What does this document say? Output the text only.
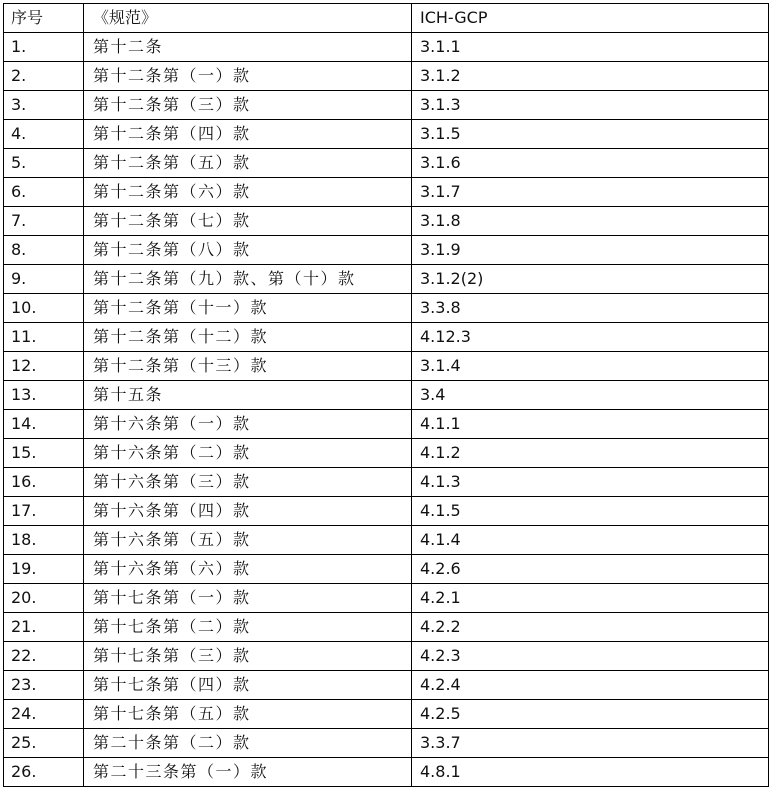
序号	《规范》	ICH-GCP
1.	第十二条	3.1.1
2.	第十二条第（一）款	3.1.2
3.	第十二条第（三）款	3.1.3
4.	第十二条第（四）款	3.1.5
5.	第十二条第（五）款	3.1.6
6.	第十二条第（六）款	3.1.7
7.	第十二条第（七）款	3.1.8
8.	第十二条第（八）款	3.1.9
9.	第十二条第（九）款、第（十）款	3.1.2(2)
10.	第十二条第（十一）款	3.3.8
11.	第十二条第（十二）款	4.12.3
12.	第十二条第（十三）款	3.1.4
13.	第十五条	3.4
14.	第十六条第（一）款	4.1.1
15.	第十六条第（二）款	4.1.2
16.	第十六条第（三）款	4.1.3
17.	第十六条第（四）款	4.1.5
18.	第十六条第（五）款	4.1.4
19.	第十六条第（六）款	4.2.6
20.	第十七条第（一）款	4.2.1
21.	第十七条第（二）款	4.2.2
22.	第十七条第（三）款	4.2.3
23.	第十七条第（四）款	4.2.4
24.	第十七条第（五）款	4.2.5
25.	第二十条第（二）款	3.3.7
26.	第二十三条第（一）款	4.8.1
